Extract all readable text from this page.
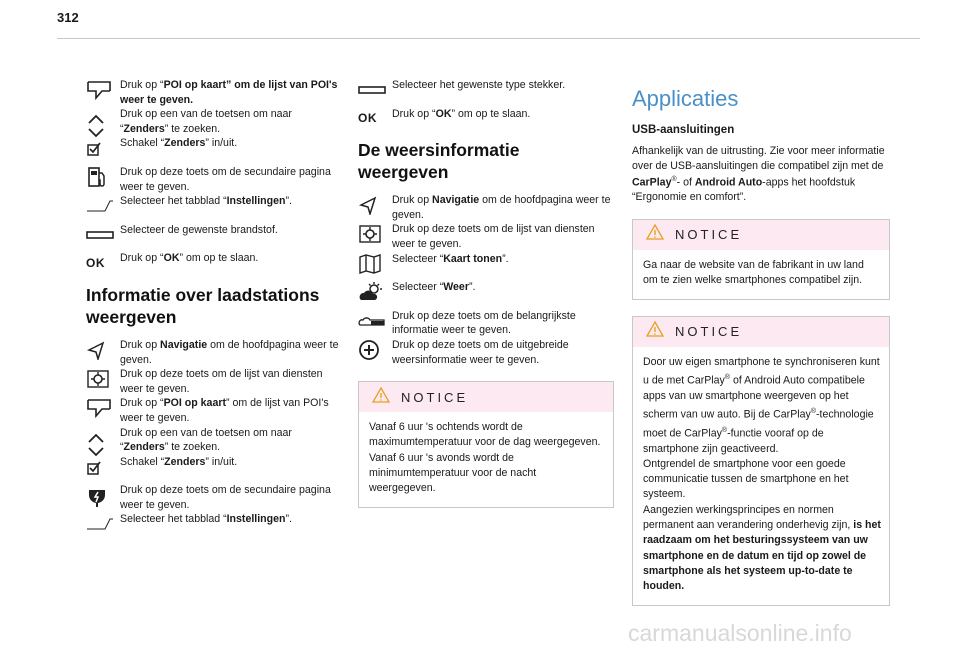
312
Druk op “POI op kaart” om de lijst van POI's weer te geven.
Druk op een van de toetsen om naar “Zenders” te zoeken.
Schakel “Zenders” in/uit.
Druk op deze toets om de secundaire pagina weer te geven.
Selecteer het tabblad “Instellingen”.
Selecteer de gewenste brandstof.
OK	Druk op “OK” om op te slaan.
Informatie over laadstations weergeven
Druk op Navigatie om de hoofdpagina weer te geven.
Druk op deze toets om de lijst van diensten weer te geven.
Druk op “POI op kaart” om de lijst van POI's weer te geven.
Druk op een van de toetsen om naar “Zenders” te zoeken.
Schakel “Zenders” in/uit.
Druk op deze toets om de secundaire pagina weer te geven.
Selecteer het tabblad “Instellingen”.
Selecteer het gewenste type stekker.
OK	Druk op “OK” om op te slaan.
De weersinformatie weergeven
Druk op Navigatie om de hoofdpagina weer te geven.
Druk op deze toets om de lijst van diensten weer te geven.
Selecteer “Kaart tonen”.
Selecteer “Weer”.
Druk op deze toets om de belangrijkste informatie weer te geven.
Druk op deze toets om de uitgebreide weersinformatie weer te geven.
NOTICE
Vanaf 6 uur 's ochtends wordt de maximumtemperatuur voor de dag weergegeven.
Vanaf 6 uur 's avonds wordt de minimumtemperatuur voor de nacht weergegeven.
Applicaties
USB-aansluitingen
Afhankelijk van de uitrusting. Zie voor meer informatie over de USB-aansluitingen die compatibel zijn met de CarPlay®- of Android Auto-apps het hoofdstuk “Ergonomie en comfort”.
NOTICE
Ga naar de website van de fabrikant in uw land om te zien welke smartphones compatibel zijn.
NOTICE
Door uw eigen smartphone te synchroniseren kunt u de met CarPlay® of Android Auto compatibele apps van uw smartphone weergeven op het scherm van uw auto. Bij de CarPlay®-technologie moet de CarPlay®-functie vooraf op de smartphone zijn geactiveerd.
Ontgrendel de smartphone voor een goede communicatie tussen de smartphone en het systeem.
Aangezien werkingsprincipes en normen permanent aan verandering onderhevig zijn, is het raadzaam om het besturingssysteem van uw smartphone en de datum en tijd op zowel de smartphone als het systeem up-to-date te houden.
carmanualsonline.info
